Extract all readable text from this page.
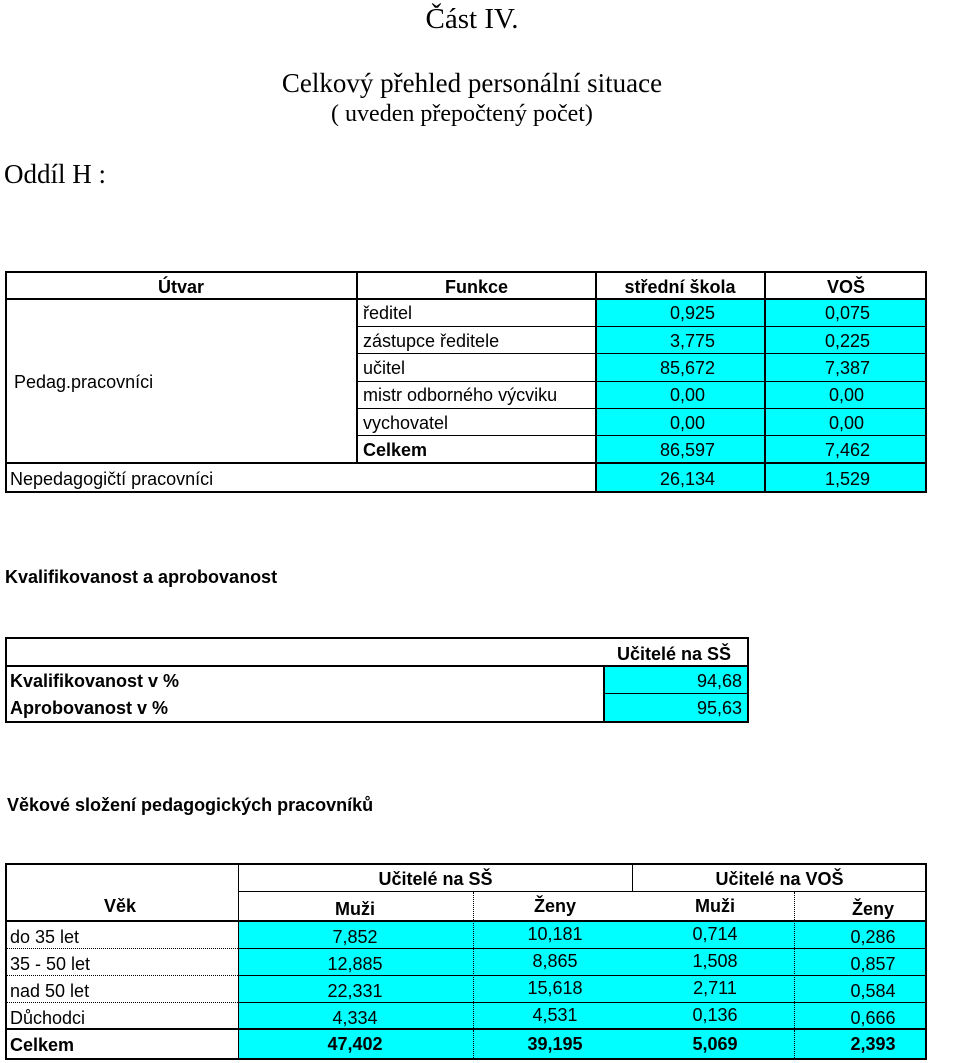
Část IV.
Celkový přehled personální situace
( uveden přepočtený počet)
Oddíl H :
Útvar	Funkce	střední škola	VOŠ
Pedag.pracovníci
ředitel	0,925	0,075
zástupce ředitele	3,775	0,225
učitel	85,672	7,387
mistr odborného výcviku	0,00	0,00
vychovatel	0,00	0,00
Celkem	86,597	7,462
Nepedagogičtí pracovníci	26,134	1,529
Kvalifikovanost a aprobovanost
Učitelé na SŠ
Kvalifikovanost v %	94,68
Aprobovanost v %	95,63
Věkové složení pedagogických pracovníků
Učitelé na SŠ	Učitelé na VOŠ
Věk	Muži	Ženy	Muži	Ženy
do 35 let	7,852	10,181	0,714	0,286
35 - 50 let	12,885	8,865	1,508	0,857
nad 50 let	22,331	15,618	2,711	0,584
Důchodci	4,334	4,531	0,136	0,666
Celkem	47,402	39,195	5,069	2,393
